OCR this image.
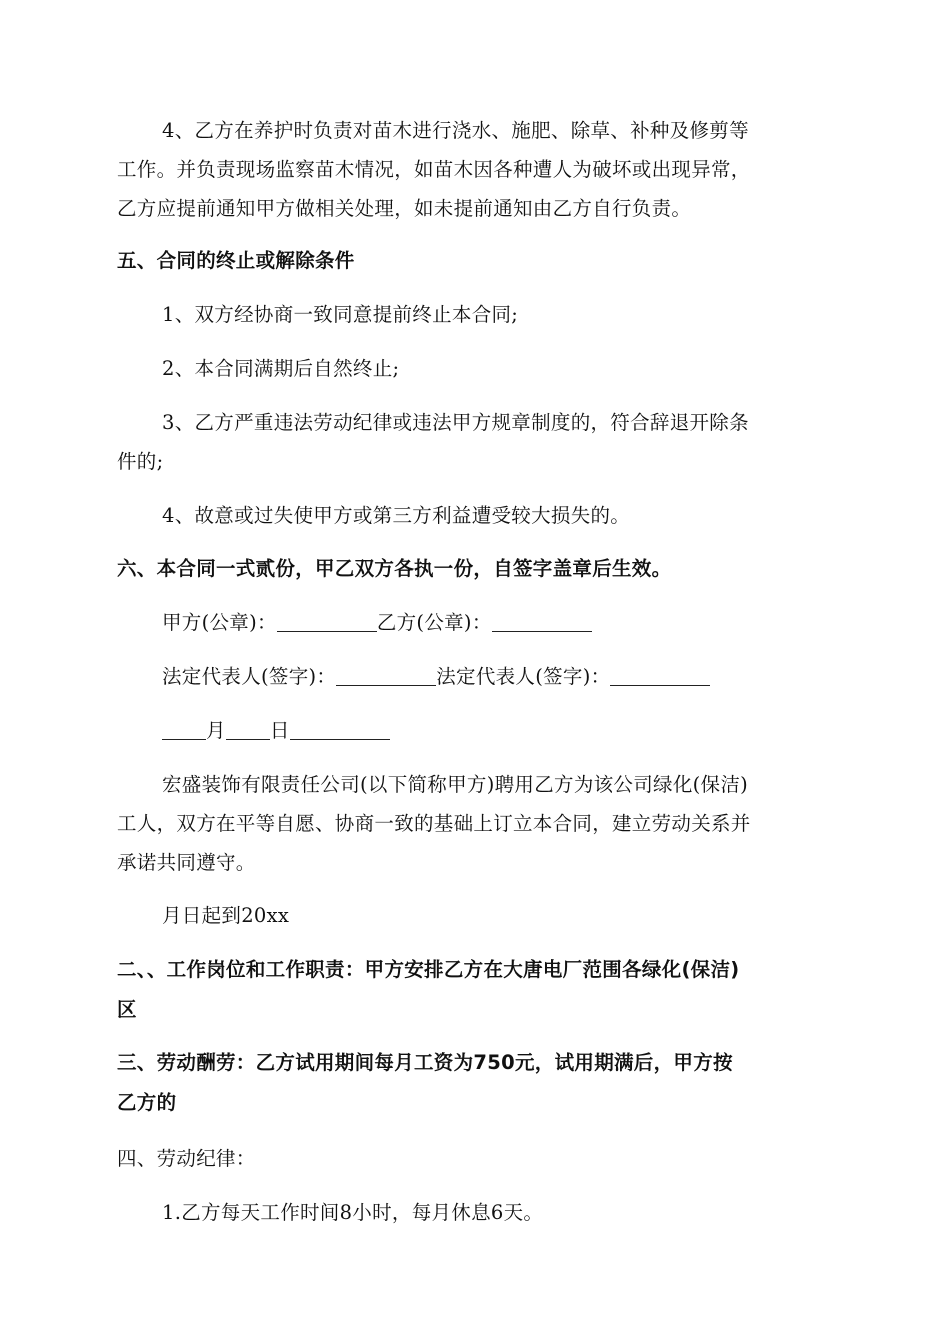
4、乙方在养护时负责对苗木进行浇水、施肥、除草、补种及修剪等
工作。并负责现场监察苗木情况，如苗木因各种遭人为破坏或出现异常，
乙方应提前通知甲方做相关处理，如未提前通知由乙方自行负责。
五、合同的终止或解除条件
1、双方经协商一致同意提前终止本合同;
2、本合同满期后自然终止;
3、乙方严重违法劳动纪律或违法甲方规章制度的，符合辞退开除条
件的;
4、故意或过失使甲方或第三方利益遭受较大损失的。
六、本合同一式贰份，甲乙双方各执一份，自签字盖章后生效。
甲方(公章)：	乙方(公章)：
法定代表人(签字)：	法定代表人(签字)：
月 日
宏盛装饰有限责任公司(以下简称甲方)聘用乙方为该公司绿化(保洁)
工人，双方在平等自愿、协商一致的基础上订立本合同，建立劳动关系并
承诺共同遵守。
月日起到20xx
二、、工作岗位和工作职责：甲方安排乙方在大唐电厂范围各绿化(保洁)
区
三、劳动酬劳：乙方试用期间每月工资为750元，试用期满后，甲方按
乙方的
四、劳动纪律：
1.乙方每天工作时间8小时，每月休息6天。
